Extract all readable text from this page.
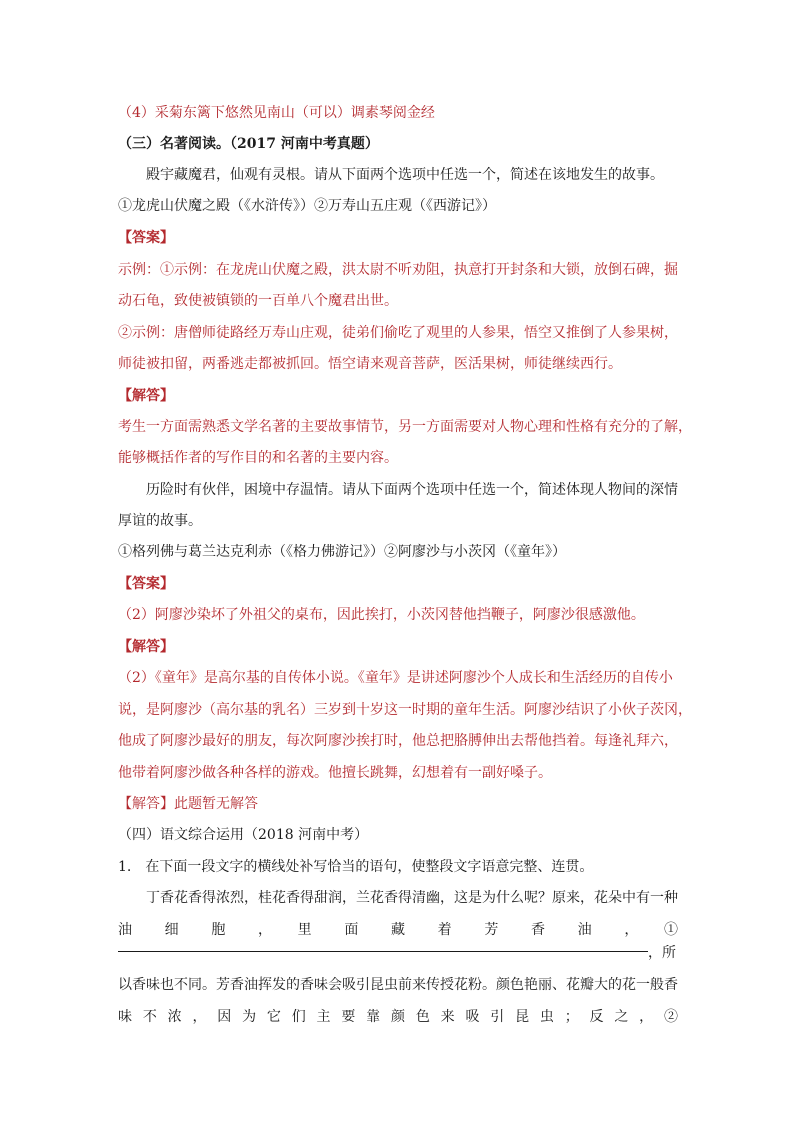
（4）采菊东篱下悠然见南山（可以）调素琴阅金经
（三）名著阅读。（2017 河南中考真题）
殿宇藏魔君，仙观有灵根。请从下面两个选项中任选一个，简述在该地发生的故事。
①龙虎山伏魔之殿（《水浒传》）②万寿山五庄观（《西游记》）
【答案】
示例：①示例：在龙虎山伏魔之殿，洪太尉不听劝阻，执意打开封条和大锁，放倒石碑，掘
动石龟，致使被镇锁的一百单八个魔君出世。
②示例：唐僧师徒路经万寿山庄观，徒弟们偷吃了观里的人参果，悟空又推倒了人参果树，
师徒被扣留，两番逃走都被抓回。悟空请来观音菩萨，医活果树，师徒继续西行。
【解答】
考生一方面需熟悉文学名著的主要故事情节，另一方面需要对人物心理和性格有充分的了解，
能够概括作者的写作目的和名著的主要内容。
历险时有伙伴，困境中存温情。请从下面两个选项中任选一个，简述体现人物间的深情
厚谊的故事。
①格列佛与葛兰达克利赤（《格力佛游记》）②阿廖沙与小茨冈（《童年》）
【答案】
（2）阿廖沙染坏了外祖父的桌布，因此挨打，小茨冈替他挡鞭子，阿廖沙很感激他。
【解答】
（2）《童年》是高尔基的自传体小说。《童年》是讲述阿廖沙个人成长和生活经历的自传小
说，是阿廖沙（高尔基的乳名）三岁到十岁这一时期的童年生活。阿廖沙结识了小伙子茨冈，
他成了阿廖沙最好的朋友，每次阿廖沙挨打时，他总把胳膊伸出去帮他挡着。每逢礼拜六，
他带着阿廖沙做各种各样的游戏。他擅长跳舞，幻想着有一副好嗓子。
【解答】此题暂无解答
（四）语文综合运用（2018 河南中考）
1.　在下面一段文字的横线处补写恰当的语句，使整段文字语意完整、连贯。
丁香花香得浓烈，桂花香得甜润，兰花香得清幽，这是为什么呢？原来，花朵中有一种
油　细　胞　，　里　面　藏　着　芳　香　油　，　①
，所
以香味也不同。芳香油挥发的香味会吸引昆虫前来传授花粉。颜色艳丽、花瓣大的花一般香
味不浓，因为它们主要靠颜色来吸引昆虫；反之，②
